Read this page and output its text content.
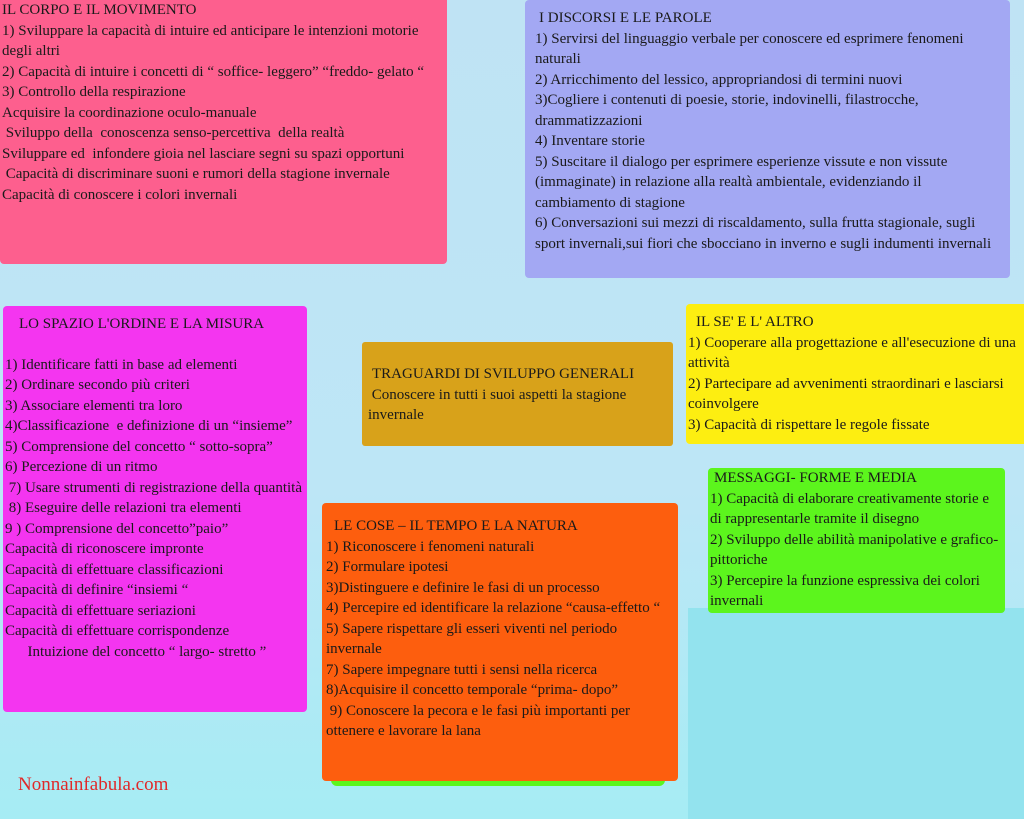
IL CORPO E IL MOVIMENTO

1) Sviluppare la capacità di intuire ed anticipare le intenzioni motorie degli altri

2) Capacità di intuire i concetti di “ soffice- leggero” “freddo- gelato “

3) Controllo della respirazione

Acquisire la coordinazione oculo-manuale

Sviluppo della  conoscenza senso-percettiva  della realtà

Sviluppare ed  infondere gioia nel lasciare segni su spazi opportuni

Capacità di discriminare suoni e rumori della stagione invernale

Capacità di conoscere i colori invernali

I DISCORSI E LE PAROLE

1) Servirsi del linguaggio verbale per conoscere ed esprimere fenomeni naturali

2) Arricchimento del lessico, appropriandosi di termini nuovi

3)Cogliere i contenuti di poesie, storie, indovinelli, filastrocche, drammatizzazioni

4) Inventare storie

5) Suscitare il dialogo per esprimere esperienze vissute e non vissute (immaginate) in relazione alla realtà ambientale, evidenziando il cambiamento di stagione

6) Conversazioni sui mezzi di riscaldamento, sulla frutta stagionale, sugli sport invernali,sui fiori che sbocciano in inverno e sugli indumenti invernali

LO SPAZIO L'ORDINE E LA MISURA

1) Identificare fatti in base ad elementi

2) Ordinare secondo più criteri

3) Associare elementi tra loro

4)Classificazione  e definizione di un “insieme”

5) Comprensione del concetto “ sotto-sopra”

6) Percezione di un ritmo

7) Usare strumenti di registrazione della quantità

8) Eseguire delle relazioni tra elementi

9 ) Comprensione del concetto”paio”

Capacità di riconoscere impronte

Capacità di effettuare classificazioni

Capacità di definire “insiemi “

Capacità di effettuare seriazioni

Capacità di effettuare corrispondenze

Intuizione del concetto “ largo- stretto ”

TRAGUARDI DI SVILUPPO GENERALI

Conoscere in tutti i suoi aspetti la stagione invernale

IL SE' E L' ALTRO

1) Cooperare alla progettazione e all'esecuzione di una attività

2) Partecipare ad avvenimenti straordinari e lasciarsi coinvolgere

3) Capacità di rispettare le regole fissate

MESSAGGI- FORME E MEDIA

1) Capacità di elaborare creativamente storie e di rappresentarle tramite il disegno

2) Sviluppo delle abilità manipolative e grafico- pittoriche

3) Percepire la funzione espressiva dei colori invernali

LE COSE – IL TEMPO E LA NATURA

1) Riconoscere i fenomeni naturali

2) Formulare ipotesi

3)Distinguere e definire le fasi di un processo

4) Percepire ed identificare la relazione “causa-effetto “

5) Sapere rispettare gli esseri viventi nel periodo invernale

7) Sapere impegnare tutti i sensi nella ricerca

8)Acquisire il concetto temporale “prima- dopo”

9) Conoscere la pecora e le fasi più importanti per ottenere e lavorare la lana

Nonnainfabula.com
